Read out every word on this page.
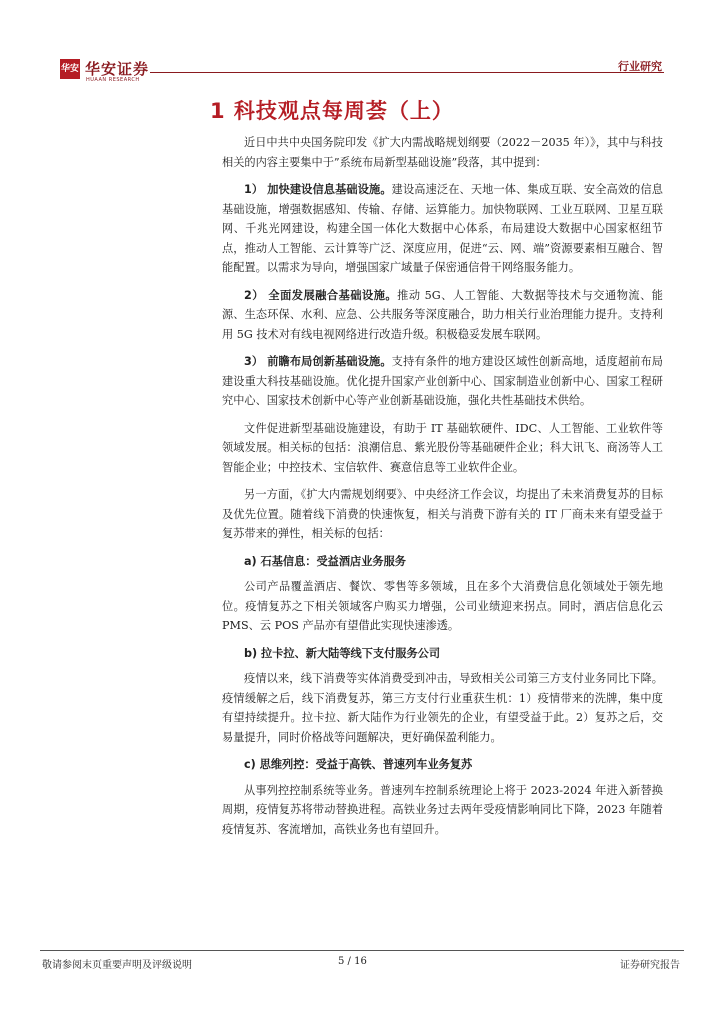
华安 华安证券
HUAAN RESEARCH
行业研究
1 科技观点每周荟（上）

近日中共中央国务院印发《扩大内需战略规划纲要（2022－2035 年）》，其中与科技相关的内容主要集中于”系统布局新型基础设施”段落，其中提到：

1） 加快建设信息基础设施。建设高速泛在、天地一体、集成互联、安全高效的信息基础设施，增强数据感知、传输、存储、运算能力。加快物联网、工业互联网、卫星互联网、千兆光网建设，构建全国一体化大数据中心体系，布局建设大数据中心国家枢纽节点，推动人工智能、云计算等广泛、深度应用，促进“云、网、端”资源要素相互融合、智能配置。以需求为导向，增强国家广域量子保密通信骨干网络服务能力。

2） 全面发展融合基础设施。推动 5G、人工智能、大数据等技术与交通物流、能源、生态环保、水利、应急、公共服务等深度融合，助力相关行业治理能力提升。支持利用 5G 技术对有线电视网络进行改造升级。积极稳妥发展车联网。

3） 前瞻布局创新基础设施。支持有条件的地方建设区域性创新高地，适度超前布局建设重大科技基础设施。优化提升国家产业创新中心、国家制造业创新中心、国家工程研究中心、国家技术创新中心等产业创新基础设施，强化共性基础技术供给。

文件促进新型基础设施建设，有助于 IT 基础软硬件、IDC、人工智能、工业软件等领域发展。相关标的包括：浪潮信息、紫光股份等基础硬件企业；科大讯飞、商汤等人工智能企业；中控技术、宝信软件、赛意信息等工业软件企业。

另一方面，《扩大内需规划纲要》、中央经济工作会议，均提出了未来消费复苏的目标及优先位置。随着线下消费的快速恢复，相关与消费下游有关的 IT 厂商未来有望受益于复苏带来的弹性，相关标的包括：

a) 石基信息：受益酒店业务服务

公司产品覆盖酒店、餐饮、零售等多领域，且在多个大消费信息化领域处于领先地位。疫情复苏之下相关领域客户购买力增强，公司业绩迎来拐点。同时，酒店信息化云 PMS、云 POS 产品亦有望借此实现快速渗透。

b) 拉卡拉、新大陆等线下支付服务公司

疫情以来，线下消费等实体消费受到冲击，导致相关公司第三方支付业务同比下降。疫情缓解之后，线下消费复苏，第三方支付行业重获生机：1）疫情带来的洗牌，集中度有望持续提升。拉卡拉、新大陆作为行业领先的企业，有望受益于此。2）复苏之后，交易量提升，同时价格战等问题解决，更好确保盈利能力。

c) 思维列控：受益于高铁、普速列车业务复苏

从事列控控制系统等业务。普速列车控制系统理论上将于 2023-2024 年进入新替换周期，疫情复苏将带动替换进程。高铁业务过去两年受疫情影响同比下降，2023 年随着疫情复苏、客流增加，高铁业务也有望回升。

敬请参阅末页重要声明及评级说明	5 / 16	证券研究报告
